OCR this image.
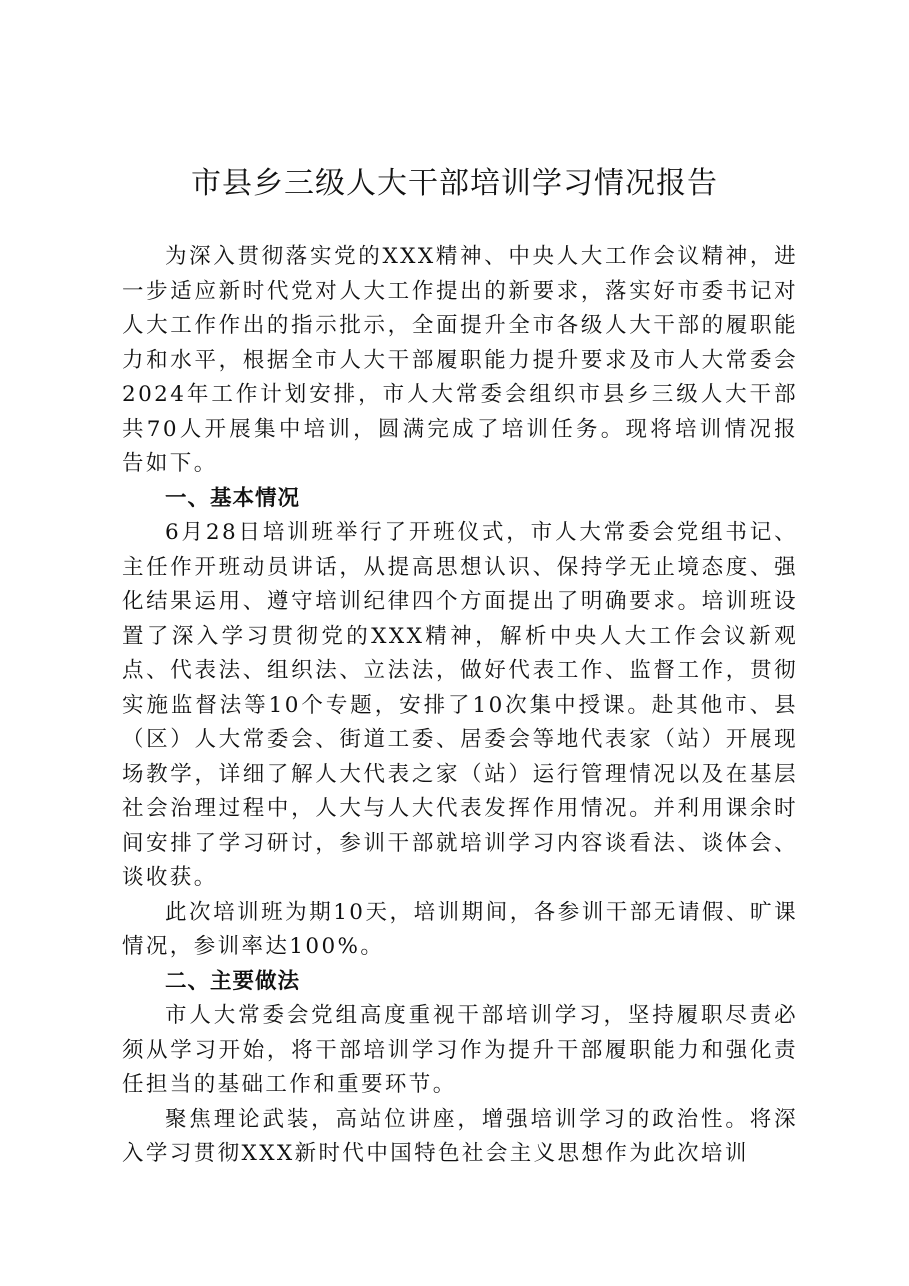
市县乡三级人大干部培训学习情况报告

为深入贯彻落实党的XXX精神、中央人大工作会议精神，进一步适应新时代党对人大工作提出的新要求，落实好市委书记对人大工作作出的指示批示，全面提升全市各级人大干部的履职能力和水平，根据全市人大干部履职能力提升要求及市人大常委会2024年工作计划安排，市人大常委会组织市县乡三级人大干部共70人开展集中培训，圆满完成了培训任务。现将培训情况报告如下。

一、基本情况

6月28日培训班举行了开班仪式，市人大常委会党组书记、主任作开班动员讲话，从提高思想认识、保持学无止境态度、强化结果运用、遵守培训纪律四个方面提出了明确要求。培训班设置了深入学习贯彻党的XXX精神，解析中央人大工作会议新观点、代表法、组织法、立法法，做好代表工作、监督工作，贯彻实施监督法等10个专题，安排了10次集中授课。赴其他市、县（区）人大常委会、街道工委、居委会等地代表家（站）开展现场教学，详细了解人大代表之家（站）运行管理情况以及在基层社会治理过程中，人大与人大代表发挥作用情况。并利用课余时间安排了学习研讨，参训干部就培训学习内容谈看法、谈体会、谈收获。

此次培训班为期10天，培训期间，各参训干部无请假、旷课情况，参训率达100%。

二、主要做法

市人大常委会党组高度重视干部培训学习，坚持履职尽责必须从学习开始，将干部培训学习作为提升干部履职能力和强化责任担当的基础工作和重要环节。

聚焦理论武装，高站位讲座，增强培训学习的政治性。将深入学习贯彻XXX新时代中国特色社会主义思想作为此次培训
